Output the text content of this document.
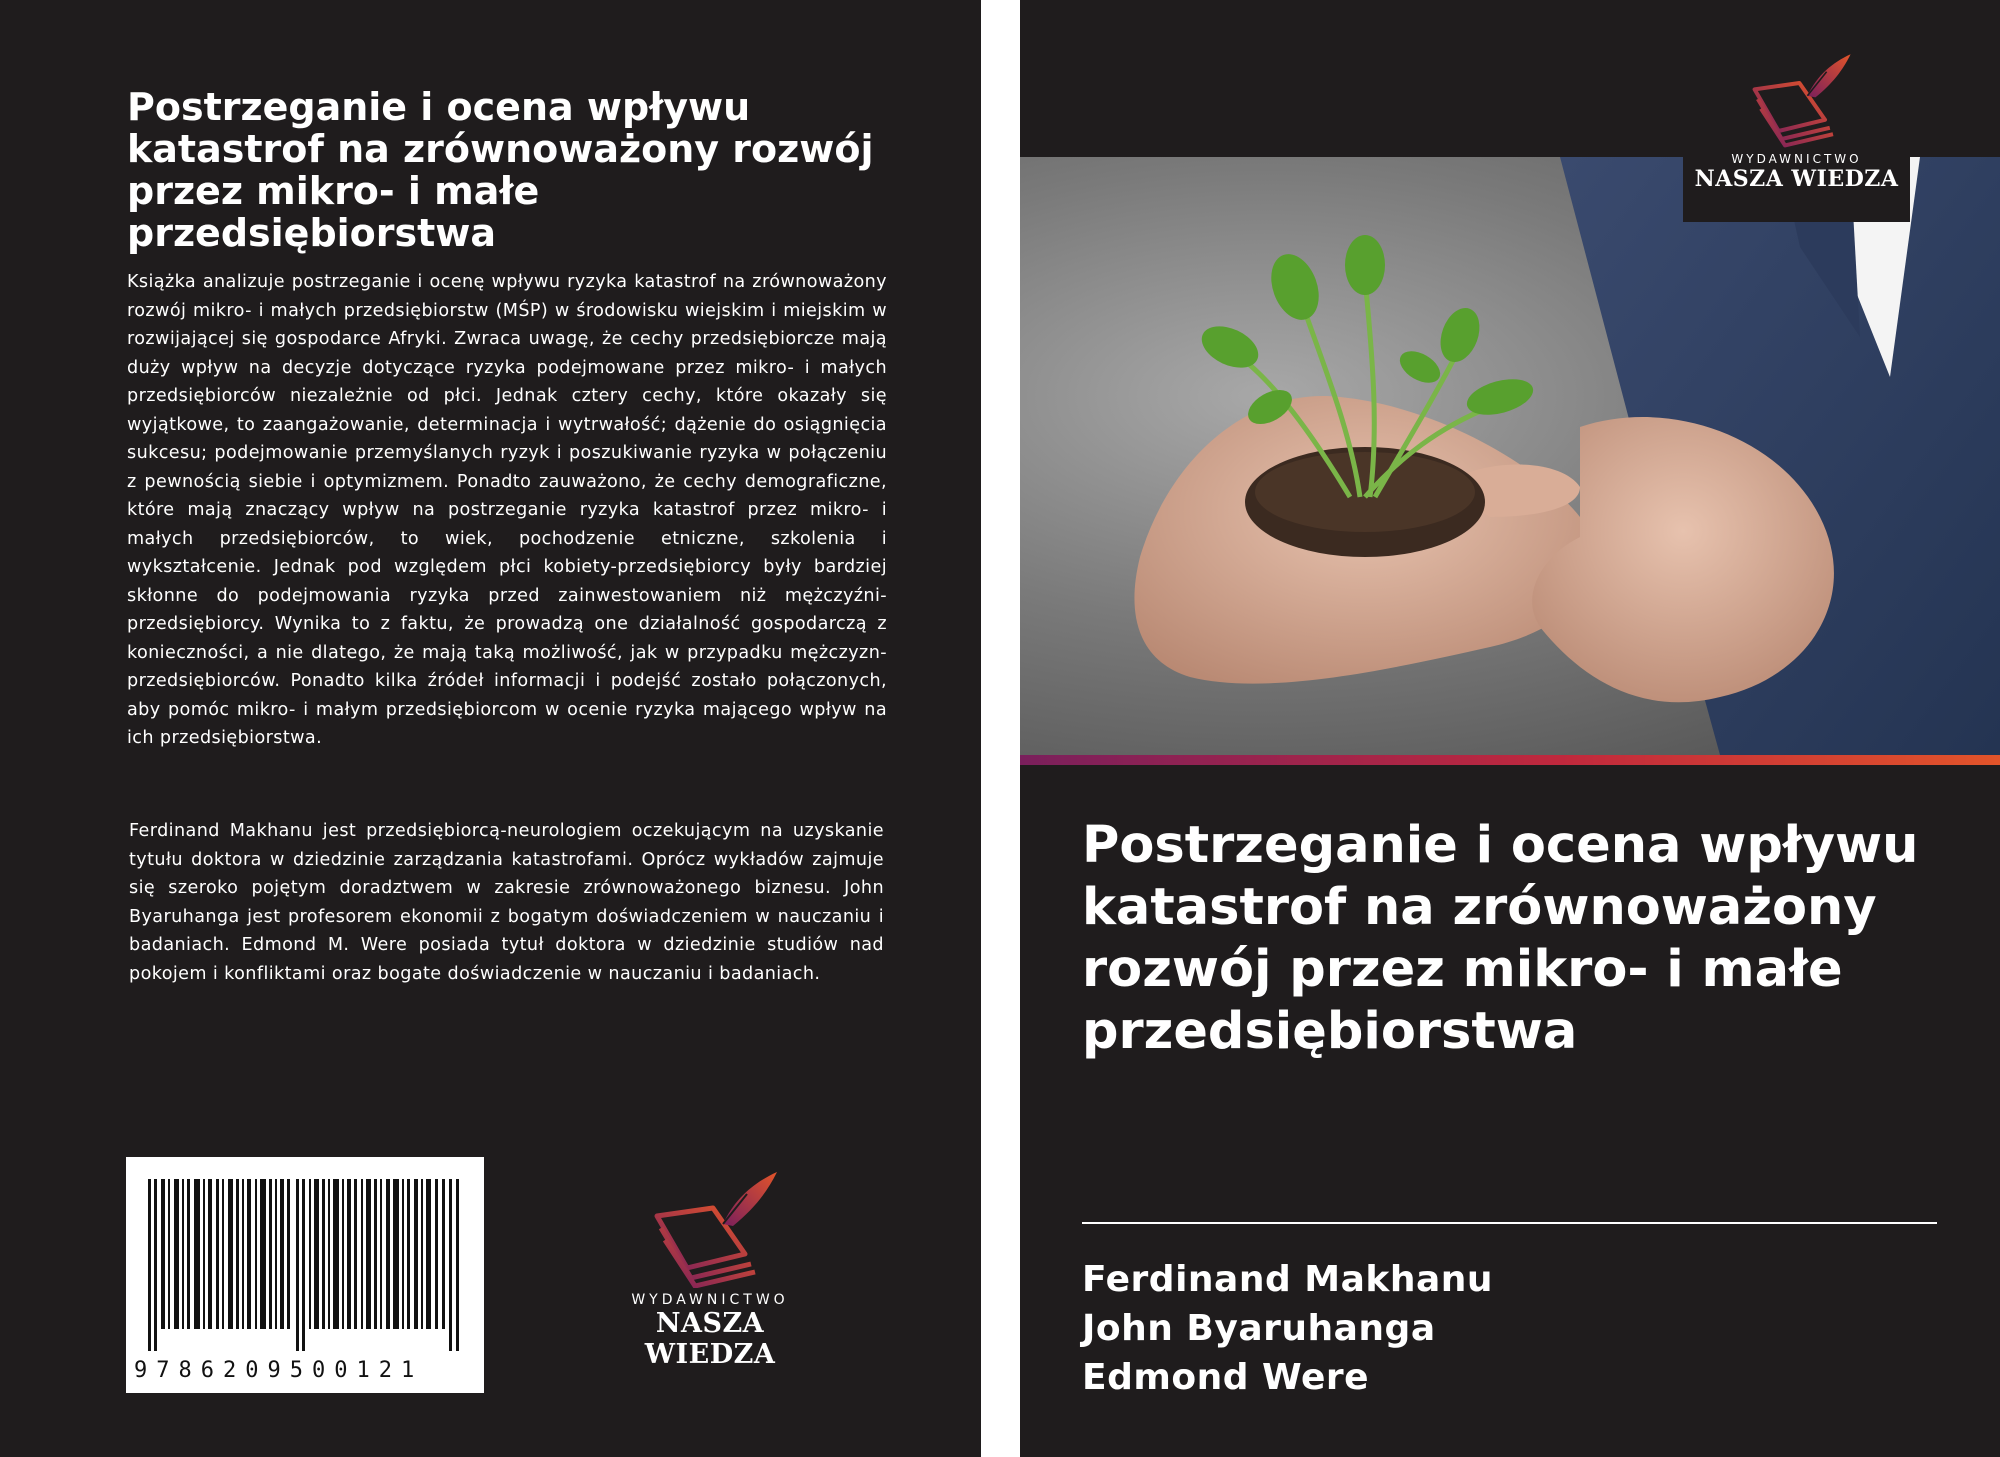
Postrzeganie i ocena wpływu katastrof na zrównoważony rozwój przez mikro- i małe przedsiębiorstwa

Książka analizuje postrzeganie i ocenę wpływu ryzyka katastrof na zrównoważony rozwój mikro- i małych przedsiębiorstw (MŚP) w środowisku wiejskim i miejskim w rozwijającej się gospodarce Afryki. Zwraca uwagę, że cechy przedsiębiorcze mają duży wpływ na decyzje dotyczące ryzyka podejmowane przez mikro- i małych przedsiębiorców niezależnie od płci. Jednak cztery cechy, które okazały się wyjątkowe, to zaangażowanie, determinacja i wytrwałość; dążenie do osiągnięcia sukcesu; podejmowanie przemyślanych ryzyk i poszukiwanie ryzyka w połączeniu z pewnością siebie i optymizmem. Ponadto zauważono, że cechy demograficzne, które mają znaczący wpływ na postrzeganie ryzyka katastrof przez mikro- i małych przedsiębiorców, to wiek, pochodzenie etniczne, szkolenia i wykształcenie. Jednak pod względem płci kobiety-przedsiębiorcy były bardziej skłonne do podejmowania ryzyka przed zainwestowaniem niż mężczyźni-przedsiębiorcy. Wynika to z faktu, że prowadzą one działalność gospodarczą z konieczności, a nie dlatego, że mają taką możliwość, jak w przypadku mężczyzn-przedsiębiorców. Ponadto kilka źródeł informacji i podejść zostało połączonych, aby pomóc mikro- i małym przedsiębiorcom w ocenie ryzyka mającego wpływ na ich przedsiębiorstwa.

Ferdinand Makhanu jest przedsiębiorcą-neurologiem oczekującym na uzyskanie tytułu doktora w dziedzinie zarządzania katastrofami. Oprócz wykładów zajmuje się szeroko pojętym doradztwem w zakresie zrównoważonego biznesu. John Byaruhanga jest profesorem ekonomii z bogatym doświadczeniem w nauczaniu i badaniach. Edmond M. Were posiada tytuł doktora w dziedzinie studiów nad pokojem i konfliktami oraz bogate doświadczenie w nauczaniu i badaniach.

9786209500121
WYDAWNICTWO
NASZA WIEDZA
WYDAWNICTWO
NASZA WIEDZA
Postrzeganie i ocena wpływu katastrof na zrównoważony rozwój przez mikro- i małe przedsiębiorstwa
Ferdinand Makhanu
John Byaruhanga
Edmond Were
